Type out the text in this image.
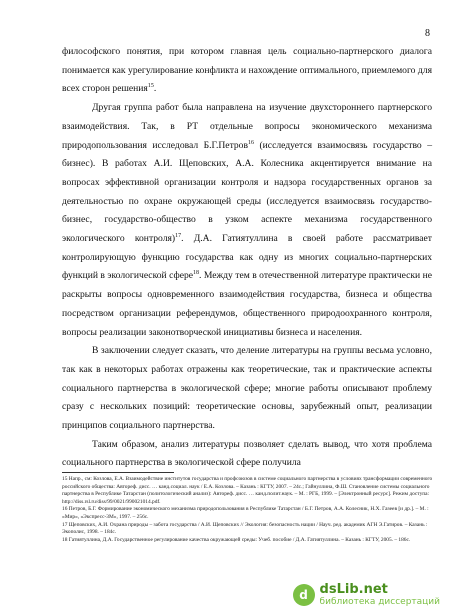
8

философского понятия, при котором главная цель социально-партнерского диалога понимается как урегулирование конфликта и нахождение оптимального, приемлемого для всех сторон решения$^{15}$.

Другая группа работ была направлена на изучение двухстороннего партнерского взаимодействия. Так, в РТ отдельные вопросы экономического механизма природопользования исследовал Б.Г.Петров$^{16}$ (исследуется взаимосвязь государство – бизнес). В работах А.И. Щеповских, А.А. Колесника акцентируется внимание на вопросах эффективной организации контроля и надзора государственных органов за деятельностью по охране окружающей среды (исследуется взаимосвязь государство-бизнес, государство-общество в узком аспекте механизма государственного экологического контроля)$^{17}$. Д.А. Гатиятуллина в своей работе рассматривает контролирующую функцию государства как одну из многих социально-партнерских функций в экологической сфере$^{18}$. Между тем в отечественной литературе практически не раскрыты вопросы одновременного взаимодействия государства, бизнеса и общества посредством организации референдумов, общественного природоохранного контроля, вопросы реализации законотворческой инициативы бизнеса и населения.

В заключении следует сказать, что деление литературы на группы весьма условно, так как в некоторых работах отражены как теоретические, так и практические аспекты социального партнерства в экологической сфере; многие работы описывают проблему сразу с нескольких позиций: теоретические основы, зарубежный опыт, реализации принципов социального партнерства.

Таким образом, анализ литературы позволяет сделать вывод, что хотя проблема социального партнерства в экологической сфере получила

15 Напр., см: Козлова, Е.А. Взаимодействие институтов государства и профсоюзов в системе социального партнерства в условиях трансформации современного российского общества: Автореф. дисс. … канд.социал. наук / Е.А. Козлова. – Казань : КГТУ, 2007. – 24с.; Гайнуллина, Ф.Ш. Становление системы социального партнерства в Республике Татарстан (политологический анализ): Автореф. дисс. … канд.полит.наук. – М. : РГБ, 1999. – [Электронный ресурс]. Режим доступа: http://diss.rsl.ru/diss/99/0021/990021014.pdf.
16 Петров, Б.Г. Формирование экономического механизма природопользования в Республике Татарстан / Б.Г. Петров, А.А. Колесник, Н.Х. Газеев [и др.]. – М. : «Мир», «Экспресс-3М», 1997. – 256с.
17 Щеповских, А.И. Охрана природы – забота государства / А.И. Щеповских // Экология: безопасность нации / Науч. ред. академик АГН Э.Гатиров. – Казань : Экополис, 1998. – 184с.
18 Гатиятуллина, Д.А. Государственное регулирование качества окружающей среды: Учеб. пособие / Д.А. Гатиятуллина. – Казань : КГТУ, 2005. – 186с.
d dsLib.net
библиотека диссертаций
